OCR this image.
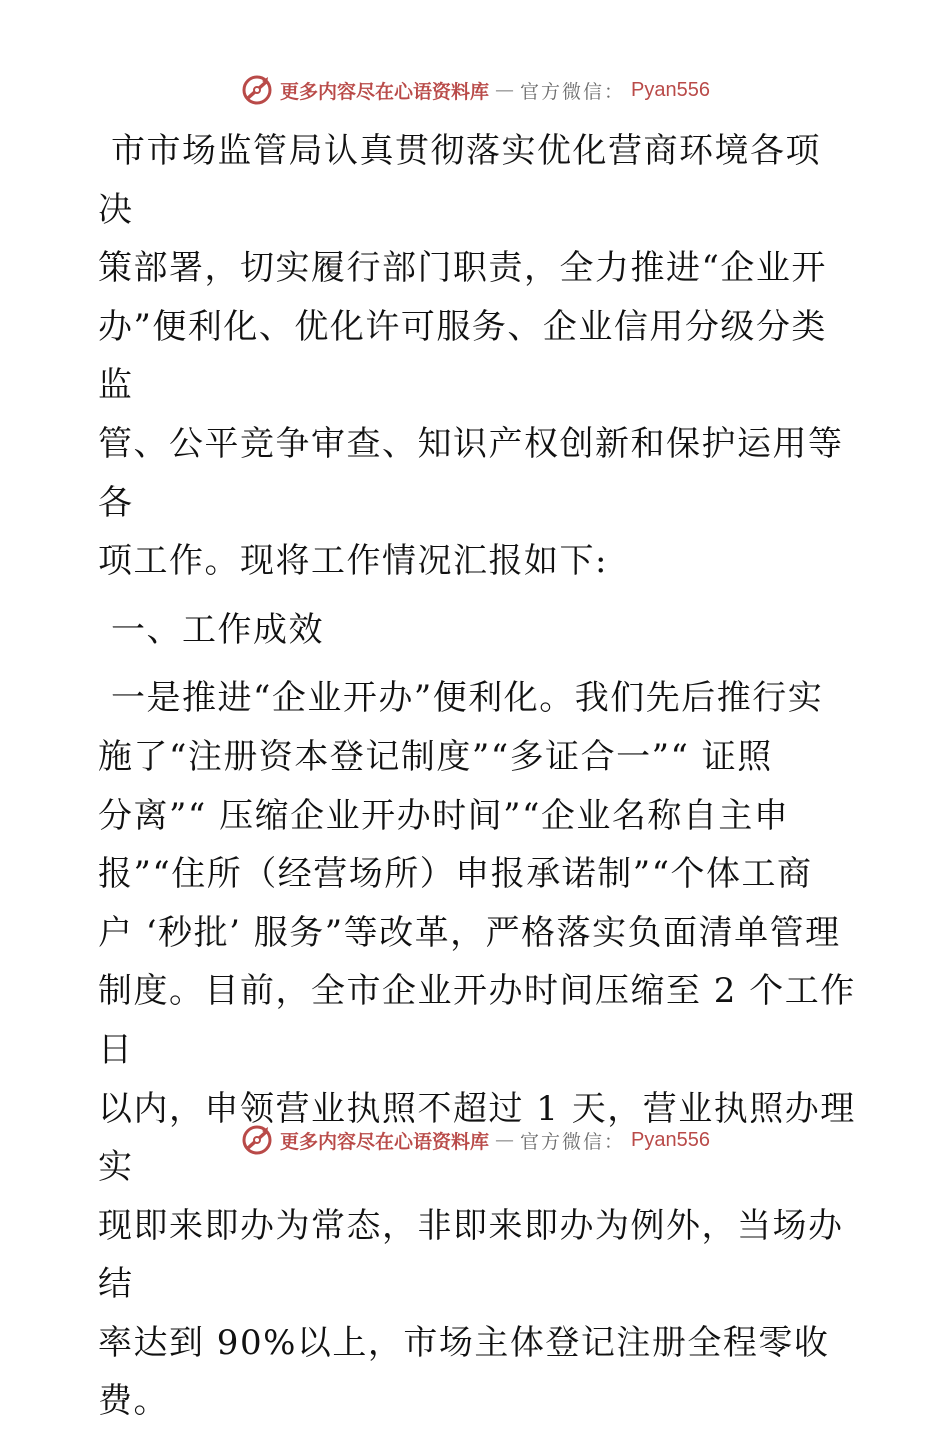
更多内容尽在心语资料库 — 官方微信： Pyan556

市市场监管局认真贯彻落实优化营商环境各项决
策部署，切实履行部门职责，全力推进“企业开
办”便利化、优化许可服务、企业信用分级分类监
管、公平竞争审查、知识产权创新和保护运用等各
项工作。现将工作情况汇报如下:

一、工作成效

一是推进“企业开办”便利化。我们先后推行实
施了“注册资本登记制度”“多证合一”“ 证照
分离”“ 压缩企业开办时间”“企业名称自主申
报”“住所（经营场所）申报承诺制”“个体工商
户 ‘秒批’ 服务”等改革，严格落实负面清单管理
制度。目前，全市企业开办时间压缩至 2 个工作日
以内，申领营业执照不超过 1 天，营业执照办理实
现即来即办为常态，非即来即办为例外，当场办结
率达到 90%以上，市场主体登记注册全程零收费。

更多内容尽在心语资料库 — 官方微信： Pyan556
